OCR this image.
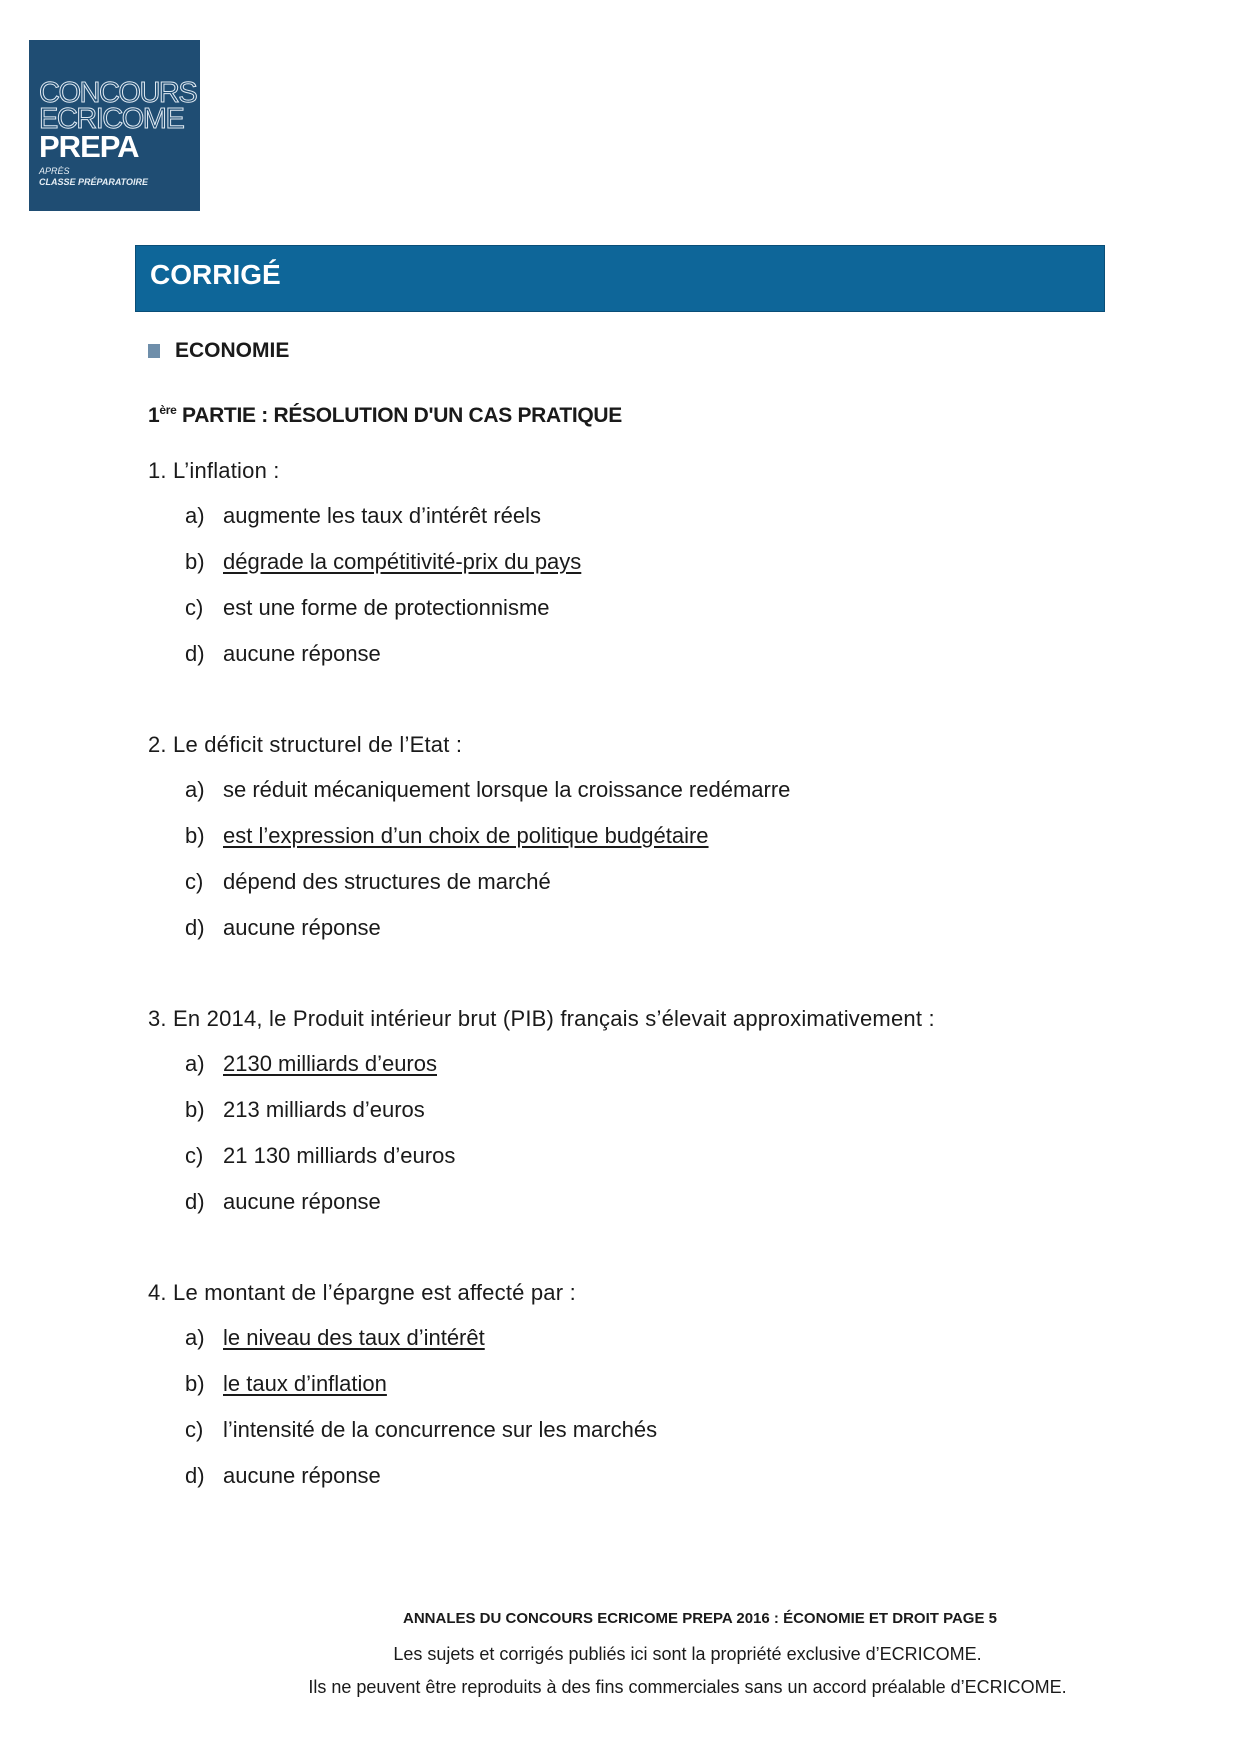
CONCOURS
ECRICOME
PREPA
APRÈS
CLASSE PRÉPARATOIRE
CORRIGÉ
ECONOMIE
1ère PARTIE : RÉSOLUTION D'UN CAS PRATIQUE
1. L’inflation :
a) augmente les taux d’intérêt réels
b) dégrade la compétitivité-prix du pays
c) est une forme de protectionnisme
d) aucune réponse
2. Le déficit structurel de l’Etat :
a) se réduit mécaniquement lorsque la croissance redémarre
b) est l’expression d’un choix de politique budgétaire
c) dépend des structures de marché
d) aucune réponse
3. En 2014, le Produit intérieur brut (PIB) français s’élevait approximativement :
a) 2130 milliards d’euros
b) 213 milliards d’euros
c) 21 130 milliards d’euros
d) aucune réponse
4. Le montant de l’épargne est affecté par :
a) le niveau des taux d’intérêt
b) le taux d’inflation
c) l’intensité de la concurrence sur les marchés
d) aucune réponse
ANNALES DU CONCOURS ECRICOME PREPA 2016 : ÉCONOMIE ET DROIT PAGE 5
Les sujets et corrigés publiés ici sont la propriété exclusive d’ECRICOME.
Ils ne peuvent être reproduits à des fins commerciales sans un accord préalable d’ECRICOME.
